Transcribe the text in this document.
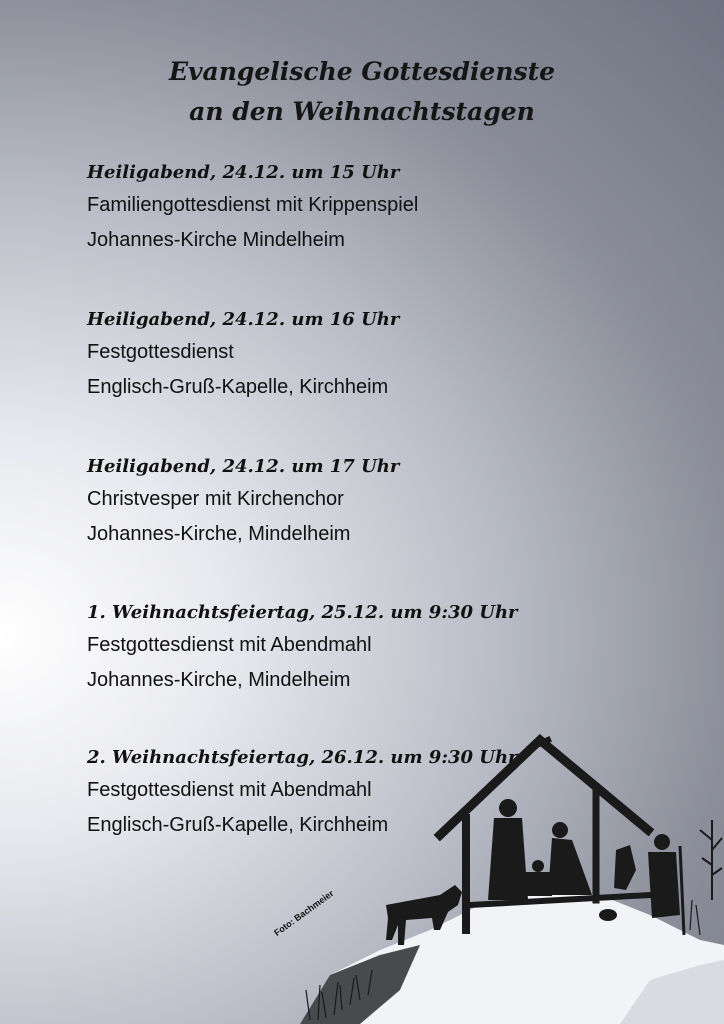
Evangelische Gottesdienste
an den Weihnachtstagen
Heiligabend, 24.12. um 15 Uhr
Familiengottesdienst mit Krippenspiel
Johannes-Kirche Mindelheim
Heiligabend, 24.12. um 16 Uhr
Festgottesdienst
Englisch-Gruß-Kapelle, Kirchheim
Heiligabend, 24.12. um 17 Uhr
Christvesper mit Kirchenchor
Johannes-Kirche, Mindelheim
1. Weihnachtsfeiertag, 25.12. um 9:30 Uhr
Festgottesdienst mit Abendmahl
Johannes-Kirche, Mindelheim
2. Weihnachtsfeiertag, 26.12. um 9:30 Uhr
Festgottesdienst mit Abendmahl
Englisch-Gruß-Kapelle, Kirchheim
Foto: Bachmeier
